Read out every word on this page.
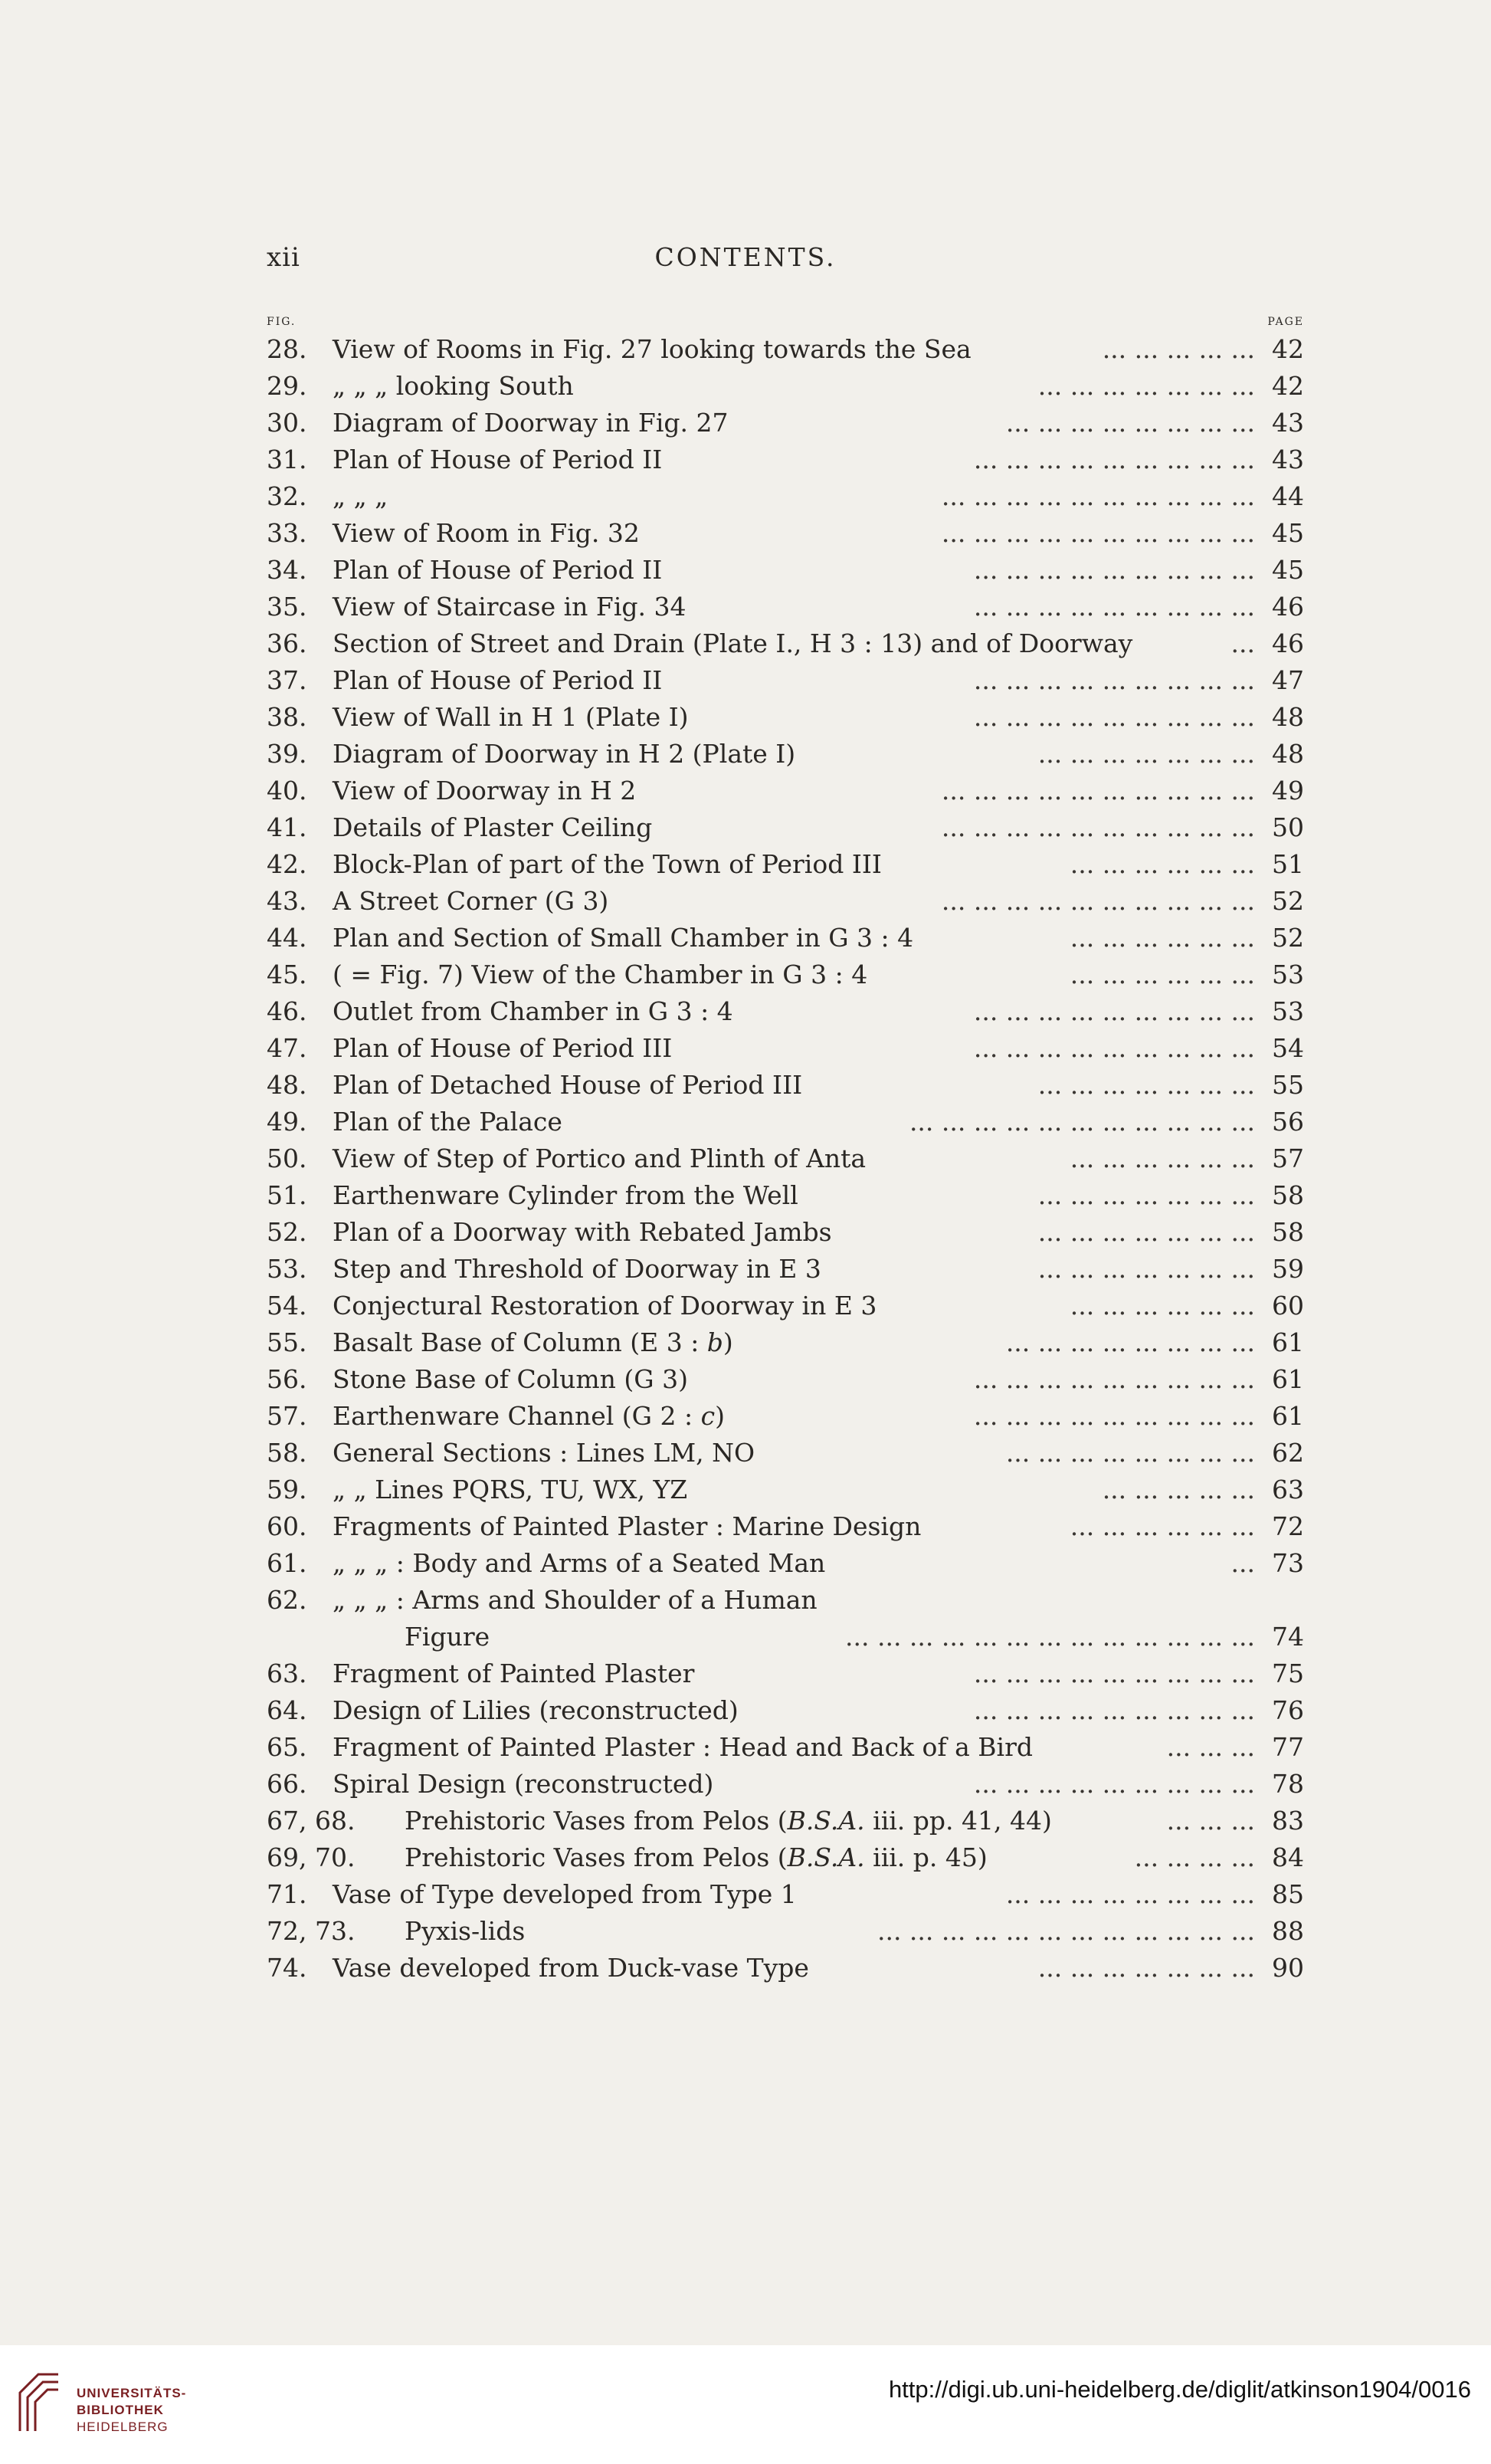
xii	CONTENTS.
FIG.	PAGE
28.	View of Rooms in Fig. 27 looking towards the Sea	... ... ... ... ... 42
29.	„ „ „ looking South	... ... ... ... ... ... ... 42
30.	Diagram of Doorway in Fig. 27	... ... ... ... ... ... ... ... 43
31.	Plan of House of Period II	... ... ... ... ... ... ... ... ... 43
32.	„ „ „	... ... ... ... ... ... ... ... ... ... 44
33.	View of Room in Fig. 32	... ... ... ... ... ... ... ... ... ... 45
34.	Plan of House of Period II	... ... ... ... ... ... ... ... ... 45
35.	View of Staircase in Fig. 34	... ... ... ... ... ... ... ... ... 46
36.	Section of Street and Drain (Plate I., H 3 : 13) and of Doorway	... 46
37.	Plan of House of Period II	... ... ... ... ... ... ... ... ... 47
38.	View of Wall in H 1 (Plate I)	... ... ... ... ... ... ... ... ... 48
39.	Diagram of Doorway in H 2 (Plate I)	... ... ... ... ... ... ... 48
40.	View of Doorway in H 2	... ... ... ... ... ... ... ... ... ... 49
41.	Details of Plaster Ceiling	... ... ... ... ... ... ... ... ... ... 50
42.	Block-Plan of part of the Town of Period III	... ... ... ... ... ... 51
43.	A Street Corner (G 3)	... ... ... ... ... ... ... ... ... ... 52
44.	Plan and Section of Small Chamber in G 3 : 4	... ... ... ... ... ... 52
45.	( = Fig. 7) View of the Chamber in G 3 : 4	... ... ... ... ... ... 53
46.	Outlet from Chamber in G 3 : 4	... ... ... ... ... ... ... ... ... 53
47.	Plan of House of Period III	... ... ... ... ... ... ... ... ... 54
48.	Plan of Detached House of Period III	... ... ... ... ... ... ... 55
49.	Plan of the Palace	... ... ... ... ... ... ... ... ... ... ... 56
50.	View of Step of Portico and Plinth of Anta	... ... ... ... ... ... 57
51.	Earthenware Cylinder from the Well	... ... ... ... ... ... ... 58
52.	Plan of a Doorway with Rebated Jambs	... ... ... ... ... ... ... 58
53.	Step and Threshold of Doorway in E 3	... ... ... ... ... ... ... 59
54.	Conjectural Restoration of Doorway in E 3	... ... ... ... ... ... 60
55.	Basalt Base of Column (E 3 : b)	... ... ... ... ... ... ... ... 61
56.	Stone Base of Column (G 3)	... ... ... ... ... ... ... ... ... 61
57.	Earthenware Channel (G 2 : c)	... ... ... ... ... ... ... ... ... 61
58.	General Sections : Lines LM, NO	... ... ... ... ... ... ... ... 62
59.	„ „ Lines PQRS, TU, WX, YZ	... ... ... ... ... 63
60.	Fragments of Painted Plaster : Marine Design	... ... ... ... ... ... 72
61.	„ „ „ : Body and Arms of a Seated Man	... 73
62.	„ „ „ : Arms and Shoulder of a Human
Figure	... ... ... ... ... ... ... ... ... ... ... ... ... 74
63.	Fragment of Painted Plaster	... ... ... ... ... ... ... ... ... 75
64.	Design of Lilies (reconstructed)	... ... ... ... ... ... ... ... ... 76
65.	Fragment of Painted Plaster : Head and Back of a Bird	... ... ... 77
66.	Spiral Design (reconstructed)	... ... ... ... ... ... ... ... ... 78
67, 68.	Prehistoric Vases from Pelos (B.S.A. iii. pp. 41, 44)	... ... ... 83
69, 70.	Prehistoric Vases from Pelos (B.S.A. iii. p. 45)	... ... ... ... 84
71.	Vase of Type developed from Type 1	... ... ... ... ... ... ... ... 85
72, 73.	Pyxis-lids	... ... ... ... ... ... ... ... ... ... ... ... 88
74.	Vase developed from Duck-vase Type	... ... ... ... ... ... ... 90
UNIVERSITÄTS-
BIBLIOTHEK
HEIDELBERG
http://digi.ub.uni-heidelberg.de/diglit/atkinson1904/0016
